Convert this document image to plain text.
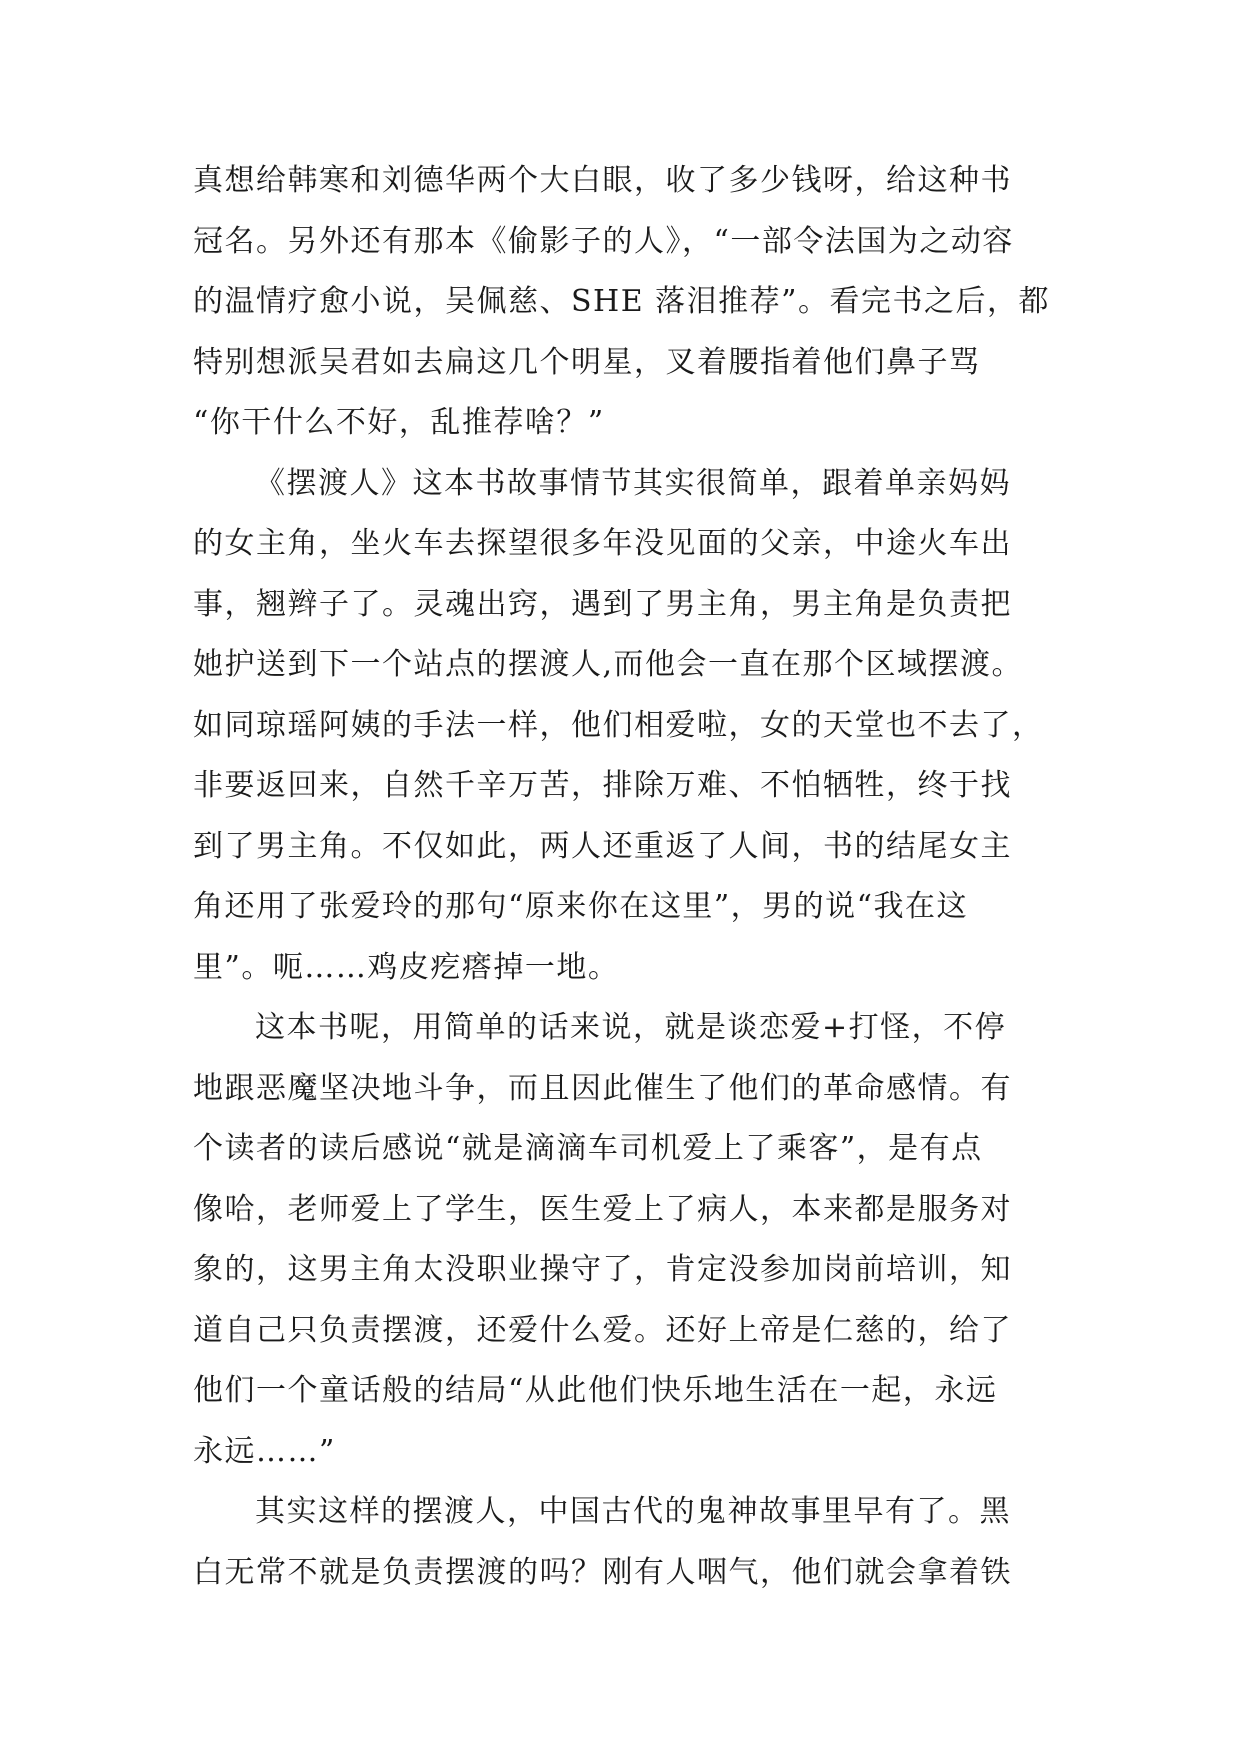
真想给韩寒和刘德华两个大白眼，收了多少钱呀，给这种书
冠名。另外还有那本《偷影子的人》，“一部令法国为之动容
的温情疗愈小说，吴佩慈、SHE 落泪推荐”。看完书之后，都
特别想派吴君如去扁这几个明星，叉着腰指着他们鼻子骂
“你干什么不好，乱推荐啥？”
《摆渡人》这本书故事情节其实很简单，跟着单亲妈妈
的女主角，坐火车去探望很多年没见面的父亲，中途火车出
事，翘辫子了。灵魂出窍，遇到了男主角，男主角是负责把
她护送到下一个站点的摆渡人,而他会一直在那个区域摆渡。
如同琼瑶阿姨的手法一样，他们相爱啦，女的天堂也不去了，
非要返回来，自然千辛万苦，排除万难、不怕牺牲，终于找
到了男主角。不仅如此，两人还重返了人间，书的结尾女主
角还用了张爱玲的那句“原来你在这里”，男的说“我在这
里”。呃……鸡皮疙瘩掉一地。
这本书呢，用简单的话来说，就是谈恋爱+打怪，不停
地跟恶魔坚决地斗争，而且因此催生了他们的革命感情。有
个读者的读后感说“就是滴滴车司机爱上了乘客”，是有点
像哈，老师爱上了学生，医生爱上了病人，本来都是服务对
象的，这男主角太没职业操守了，肯定没参加岗前培训，知
道自己只负责摆渡，还爱什么爱。还好上帝是仁慈的，给了
他们一个童话般的结局“从此他们快乐地生活在一起，永远
永远……”
其实这样的摆渡人，中国古代的鬼神故事里早有了。黑
白无常不就是负责摆渡的吗？刚有人咽气，他们就会拿着铁
